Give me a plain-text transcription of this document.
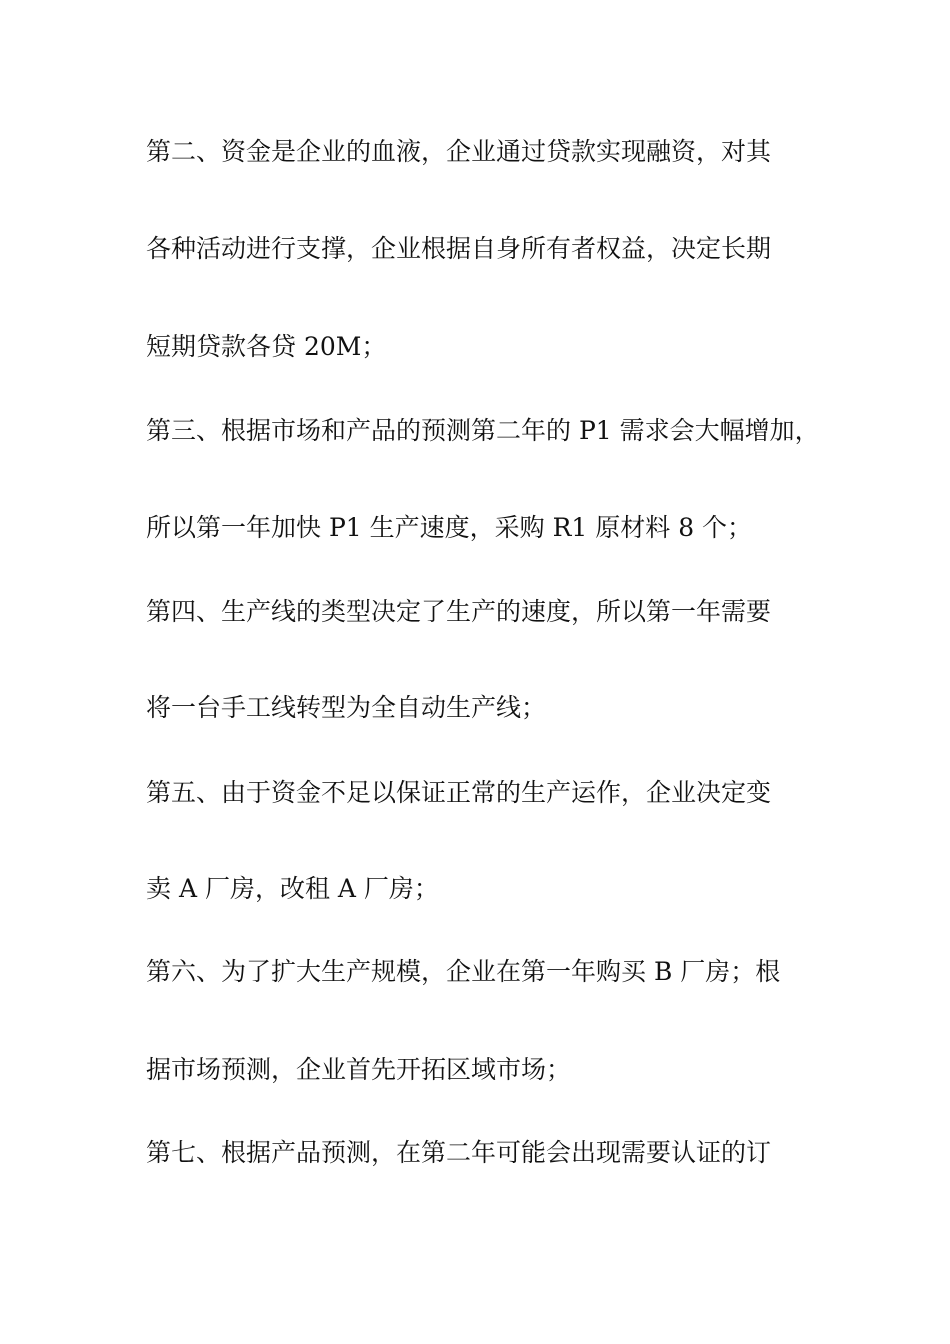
第二、资金是企业的血液，企业通过贷款实现融资，对其
各种活动进行支撑，企业根据自身所有者权益，决定长期
短期贷款各贷 20M；
第三、根据市场和产品的预测第二年的 P1 需求会大幅增加，
所以第一年加快 P1 生产速度，采购 R1 原材料 8 个；
第四、生产线的类型决定了生产的速度，所以第一年需要
将一台手工线转型为全自动生产线；
第五、由于资金不足以保证正常的生产运作，企业决定变
卖 A 厂房，改租 A 厂房；
第六、为了扩大生产规模，企业在第一年购买 B 厂房；根
据市场预测，企业首先开拓区域市场；
第七、根据产品预测，在第二年可能会出现需要认证的订
